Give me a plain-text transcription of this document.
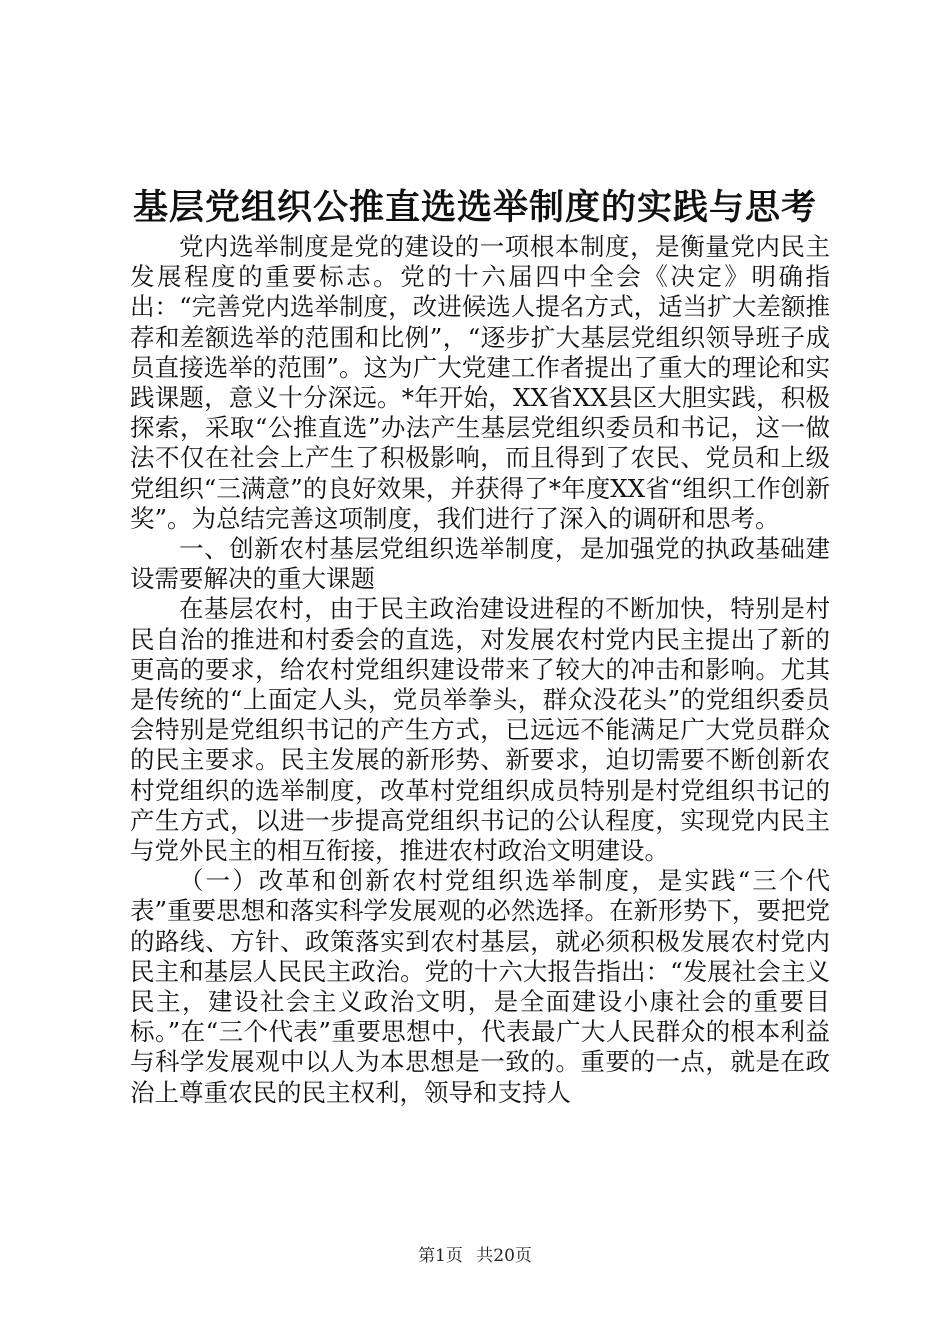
基层党组织公推直选选举制度的实践与思考

党内选举制度是党的建设的一项根本制度，是衡量党内民主发展程度的重要标志。党的十六届四中全会《决定》明确指出：“完善党内选举制度，改进候选人提名方式，适当扩大差额推荐和差额选举的范围和比例”，“逐步扩大基层党组织领导班子成员直接选举的范围”。这为广大党建工作者提出了重大的理论和实践课题，意义十分深远。*年开始，XX省XX县区大胆实践，积极探索，采取“公推直选”办法产生基层党组织委员和书记，这一做法不仅在社会上产生了积极影响，而且得到了农民、党员和上级党组织“三满意”的良好效果，并获得了*年度XX省“组织工作创新奖”。为总结完善这项制度，我们进行了深入的调研和思考。

一、创新农村基层党组织选举制度，是加强党的执政基础建设需要解决的重大课题

在基层农村，由于民主政治建设进程的不断加快，特别是村民自治的推进和村委会的直选，对发展农村党内民主提出了新的更高的要求，给农村党组织建设带来了较大的冲击和影响。尤其是传统的“上面定人头，党员举拳头，群众没花头”的党组织委员会特别是党组织书记的产生方式，已远远不能满足广大党员群众的民主要求。民主发展的新形势、新要求，迫切需要不断创新农村党组织的选举制度，改革村党组织成员特别是村党组织书记的产生方式，以进一步提高党组织书记的公认程度，实现党内民主与党外民主的相互衔接，推进农村政治文明建设。

（一）改革和创新农村党组织选举制度，是实践“三个代表”重要思想和落实科学发展观的必然选择。在新形势下，要把党的路线、方针、政策落实到农村基层，就必须积极发展农村党内民主和基层人民民主政治。党的十六大报告指出：“发展社会主义民主，建设社会主义政治文明，是全面建设小康社会的重要目标。”在“三个代表”重要思想中，代表最广大人民群众的根本利益与科学发展观中以人为本思想是一致的。重要的一点，就是在政治上尊重农民的民主权利，领导和支持人

第1页 共20页
